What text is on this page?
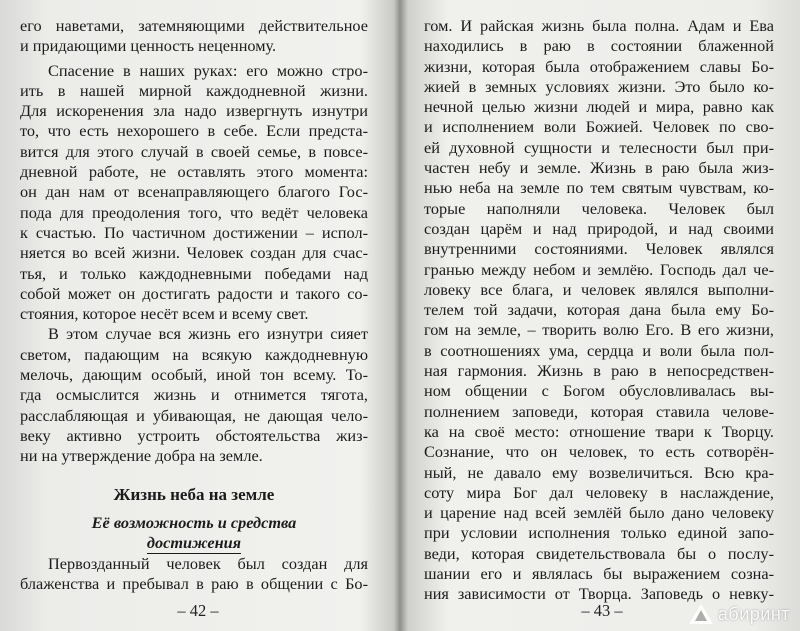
его наветами, затемняющими действительное
и придающими ценность неценному.
Спасение в наших руках: его можно стро-
ить в нашей мирной каждодневной жизни.
Для искоренения зла надо извергнуть изнутри
то, что есть нехорошего в себе. Если предста-
вится для этого случай в своей семье, в повсе-
дневной работе, не оставлять этого момента:
он дан нам от всенаправляющего благого Гос-
пода для преодоления того, что ведёт человека
к счастью. По частичном достижении – испол-
няется во всей жизни. Человек создан для счас-
тья, и только каждодневными победами над
собой может он достигать радости и такого со-
стояния, которое несёт всем и всему свет.
В этом случае вся жизнь его изнутри сияет
светом, падающим на всякую каждодневную
мелочь, дающим особый, иной тон всему. То-
гда осмыслится жизнь и отнимется тягота,
расслабляющая и убивающая, не дающая чело-
веку активно устроить обстоятельства жиз-
ни на утверждение добра на земле.
Жизнь неба на земле
Её возможность и средства
достижения
Первозданный человек был создан для
блаженства и пребывал в раю в общении с Бо-
– 42 –
гом. И райская жизнь была полна. Адам и Ева
находились в раю в состоянии блаженной
жизни, которая была отображением славы Бо-
жией в земных условиях жизни. Это было ко-
нечной целью жизни людей и мира, равно как
и исполнением воли Божией. Человек по сво-
ей духовной сущности и телесности был при-
частен небу и земле. Жизнь в раю была жиз-
нью неба на земле по тем святым чувствам, ко-
торые наполняли человека. Человек был
создан царём и над природой, и над своими
внутренними состояниями. Человек являлся
гранью между небом и землёю. Господь дал че-
ловеку все блага, и человек являлся выполни-
телем той задачи, которая дана была ему Бо-
гом на земле, – творить волю Его. В его жизни,
в соотношениях ума, сердца и воли была пол-
ная гармония. Жизнь в раю в непосредствен-
ном общении с Богом обусловливалась вы-
полнением заповеди, которая ставила челове-
ка на своё место: отношение твари к Творцу.
Сознание, что он человек, то есть сотворён-
ный, не давало ему возвеличиться. Всю кра-
соту мира Бог дал человеку в наслаждение,
и царение над всей землёй было дано человеку
при условии исполнения только единой запо-
веди, которая свидетельствовала бы о послу-
шании его и являлась бы выражением сознa-
ния зависимости от Творца. Заповедь о невку-
– 43 –	абиринт
